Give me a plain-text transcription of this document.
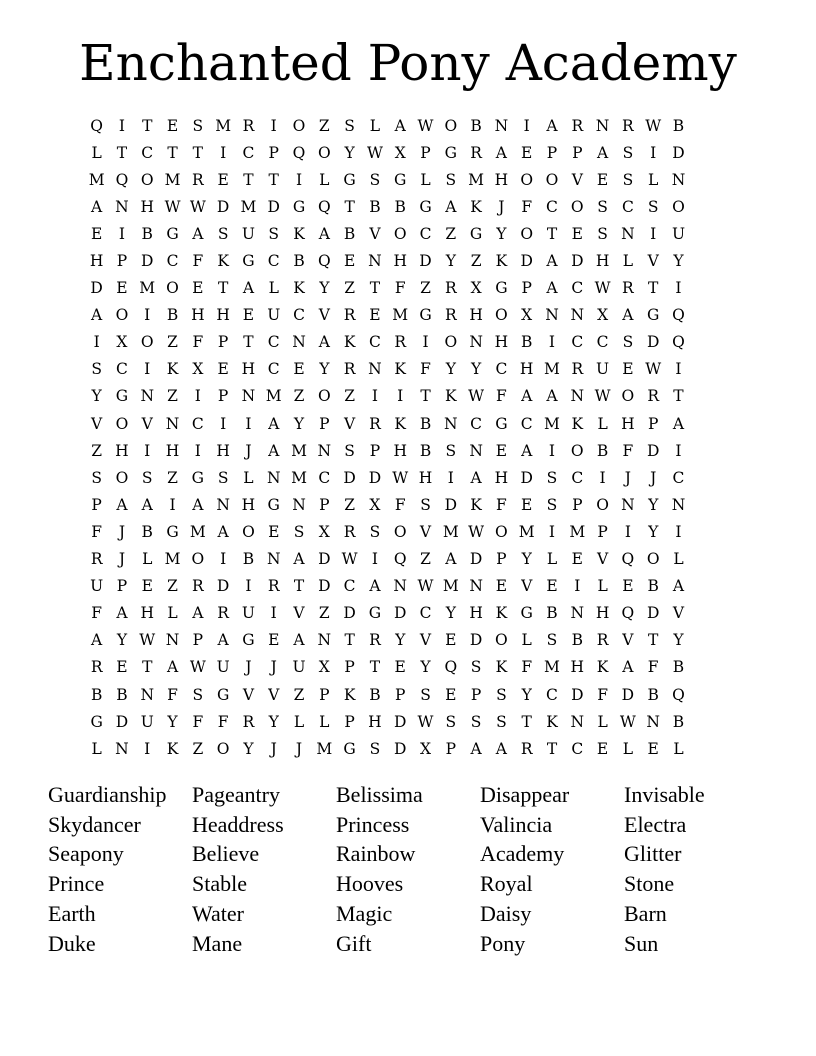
Enchanted Pony Academy
Q	I	T E S M R	I	O Z S L A W O B N I	A R N R W B
L T C T T	I	C P Q O Y W X P G R A E P P A S	I	D
M Q O M R E T T	I	L G S G L S M H O O V E S L N
A N H W W D M D G Q T B B G A K	J	F C O S C S O
E	I	B G A S U S K A B V O C Z G Y O T E S N I	U
H P D C F K G C B Q E N H D Y Z K D A D H L V Y
D E M O E T A L K Y Z T F Z R X G P A C W R T	I
A O	I	B H H E U C V R E M G R H O X N N X A G Q
I	X O Z F P T C N A K C R	I	O N H B	I	C C S D Q
S C	I	K X E H C E Y R N K F Y Y C H M R U E W I
Y G N Z	I	P N M Z O Z	I	I	T K W F A A N W O R T
V O V N C	I	I	A Y P V R K B N C G C M K L H P A
Z H I H I H J	A M N S P H B S N E A	I	O B F D	I
S O S Z G S L N M C D D W H I	A H D S C	I	J	J	C
P A A	I	A N H G N P Z X F S D K F E S P O N Y N
F	J	B G M A O E S X R S O V M W O M I M P	I	Y	I
R	J	L M O	I	B N A D W I	Q Z A D P Y L E V Q O L
U P E Z R D	I	R T D C A N W M N E V E	I	L E B A
F A H L A R U	I	V Z D G D C Y H K G B N H Q D V
A Y W N P A G E A N T R Y V E D O L S B R V T Y
R E T A W U	J	J	U X P T E Y Q S K F M H K A F B
B B N F S G V V Z P K B P S E P S Y C D F D B Q
G D U Y F F R Y L L P H D W S S S T K N L W N B
L N I	K Z O Y	J	J M G S D X P A A R T C E L E L
Guardianship	Pageantry	Belissima	Disappear	Invisable
Skydancer	Headdress	Princess	Valincia	Electra
Seapony	Believe	Rainbow	Academy	Glitter
Prince	Stable	Hooves	Royal	Stone
Earth	Water	Magic	Daisy	Barn
Duke	Mane	Gift	Pony	Sun
